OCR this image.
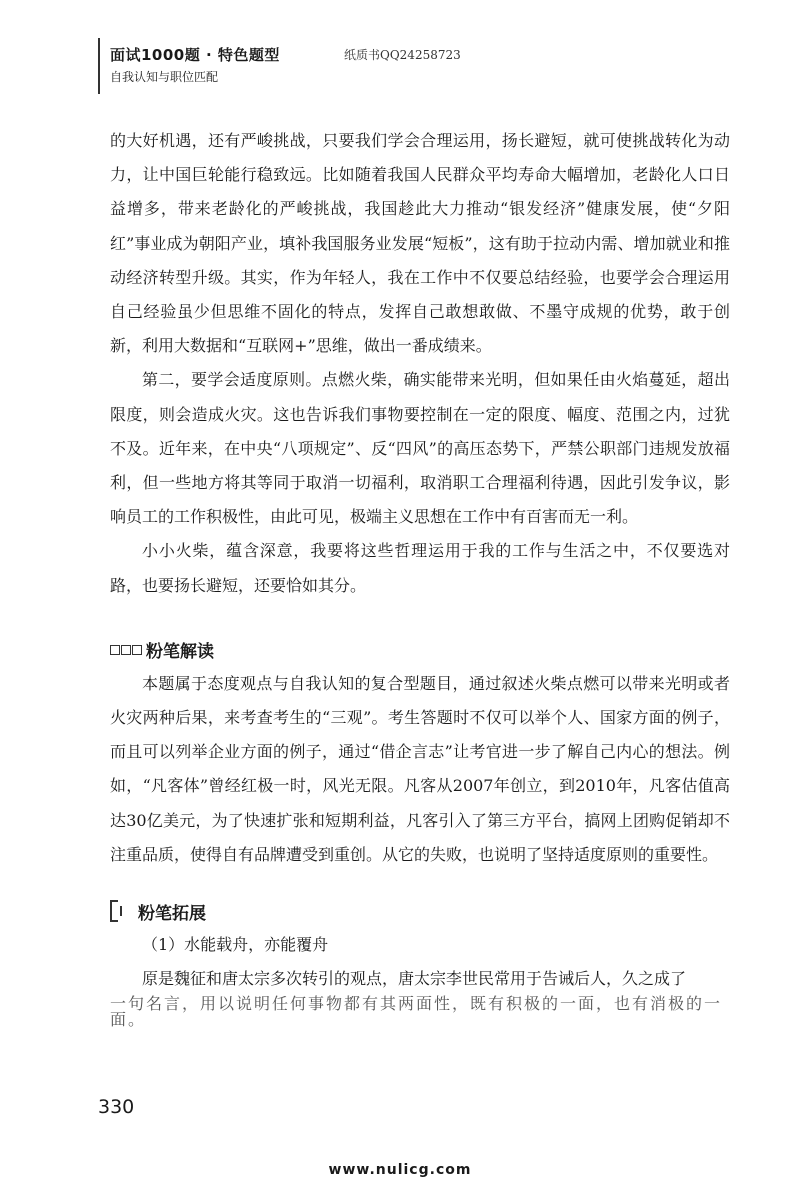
面试1000题 · 特色题型
自我认知与职位匹配
纸质书QQ24258723

的大好机遇，还有严峻挑战，只要我们学会合理运用，扬长避短，就可使挑战转化为动力，让中国巨轮能行稳致远。比如随着我国人民群众平均寿命大幅增加，老龄化人口日益增多，带来老龄化的严峻挑战，我国趁此大力推动“银发经济”健康发展，使“夕阳红”事业成为朝阳产业，填补我国服务业发展“短板”，这有助于拉动内需、增加就业和推动经济转型升级。其实，作为年轻人，我在工作中不仅要总结经验，也要学会合理运用自己经验虽少但思维不固化的特点，发挥自己敢想敢做、不墨守成规的优势，敢于创新，利用大数据和“互联网+”思维，做出一番成绩来。

第二，要学会适度原则。点燃火柴，确实能带来光明，但如果任由火焰蔓延，超出限度，则会造成火灾。这也告诉我们事物要控制在一定的限度、幅度、范围之内，过犹不及。近年来，在中央“八项规定”、反“四风”的高压态势下，严禁公职部门违规发放福利，但一些地方将其等同于取消一切福利，取消职工合理福利待遇，因此引发争议，影响员工的工作积极性，由此可见，极端主义思想在工作中有百害而无一利。

小小火柴，蕴含深意，我要将这些哲理运用于我的工作与生活之中，不仅要选对路，也要扬长避短，还要恰如其分。

粉笔解读

本题属于态度观点与自我认知的复合型题目，通过叙述火柴点燃可以带来光明或者火灾两种后果，来考查考生的“三观”。考生答题时不仅可以举个人、国家方面的例子，而且可以列举企业方面的例子，通过“借企言志”让考官进一步了解自己内心的想法。例如，“凡客体”曾经红极一时，风光无限。凡客从2007年创立，到2010年，凡客估值高达30亿美元，为了快速扩张和短期利益，凡客引入了第三方平台，搞网上团购促销却不注重品质，使得自有品牌遭受到重创。从它的失败，也说明了坚持适度原则的重要性。

粉笔拓展

（1）水能载舟，亦能覆舟

原是魏征和唐太宗多次转引的观点，唐太宗李世民常用于告诫后人，久之成了

一句名言，用以说明任何事物都有其两面性，既有积极的一面，也有消极的一面。
330
www.nulicg.com
